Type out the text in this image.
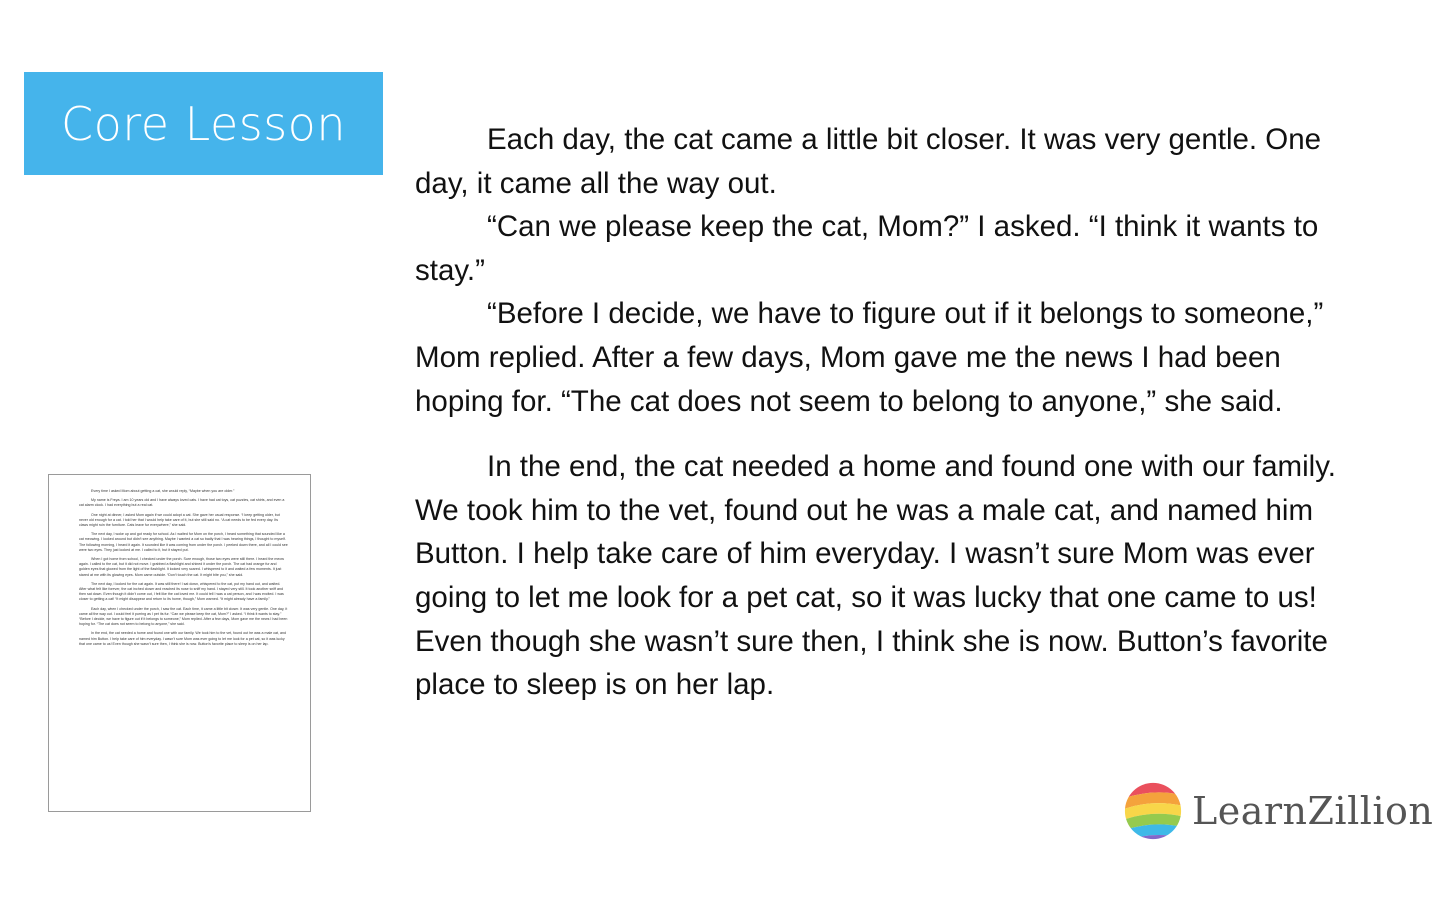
Core Lesson	Each day, the cat came a little bit closer. It was very gentle. One day, it came all the way out.

“Can we please keep the cat, Mom?” I asked. “I think it wants to stay.”

“Before I decide, we have to figure out if it belongs to someone,” Mom replied. After a few days, Mom gave me the news I had been hoping for. “The cat does not seem to belong to anyone,” she said.

In the end, the cat needed a home and found one with our family. We took him to the vet, found out he was a male cat, and named him Button. I help take care of him everyday. I wasn’t sure Mom was ever going to let me look for a pet cat, so it was lucky that one came to us! Even though she wasn’t sure then, I think she is now. Button’s favorite place to sleep is on her lap.

Every time I asked Mom about getting a cat, she would reply, “Maybe when you are older.”

My name is Freya. I am 10 years old and I have always loved cats. I have had cat toys, cat puzzles, cat shirts, and even a cat alarm clock. I had everything but a real cat.

One night at dinner, I asked Mom again if we could adopt a cat. She gave her usual response. “I keep getting older, but never old enough for a cat. I told her that I would help take care of it, but she still said no. “A cat needs to be fed every day. Its claws might ruin the furniture. Cats leave fur everywhere,” she said.

The next day, I woke up and got ready for school. As I waited for Mom on the porch, I heard something that sounded like a cat meowing. I looked around but didn’t see anything. Maybe I wanted a cat so badly that I was hearing things, I thought to myself. The following morning, I heard it again. It sounded like it was coming from under the porch. I peeked down there, and all I could see were two eyes. They just looked at me. I called to it, but it stayed put.

When I got home from school, I checked under the porch. Sure enough, those two eyes were still there. I heard the meow again. I called to the cat, but it did not move. I grabbed a flashlight and shined it under the porch. The cat had orange fur and golden eyes that glowed from the light of the flashlight. It looked very scared. I whispered to it and waited a few moments. It just stared at me with its glowing eyes. Mom came outside. “Don’t touch the cat. It might bite you,” she said.

The next day, I looked for the cat again. It was still there! I sat down, whispered to the cat, put my hand out, and waited. After what felt like forever, the cat inched closer and reached its nose to sniff my hand. I stayed very still. It took another sniff and then sat down. Even though it didn’t come out, I felt like the cat loved me. It could tell I was a cat person, and I was excited. I was closer to getting a cat! “It might disappear and return to its home, though,” Mom warned. “It might already have a family.”

Each day, when I checked under the porch, I saw the cat. Each time, it came a little bit closer. It was very gentle. One day, it came all the way out. I could feel it purring as I pet its fur. “Can we please keep the cat, Mom?” I asked. “I think it wants to stay.” “Before I decide, we have to figure out if it belongs to someone,” Mom replied. After a few days, Mom gave me the news I had been hoping for. “The cat does not seem to belong to anyone,” she said.

In the end, the cat needed a home and found one with our family. We took him to the vet, found out he was a male cat, and named him Button. I help take care of him everyday. I wasn’t sure Mom was ever going to let me look for a pet cat, so it was lucky that one came to us! Even though she wasn’t sure then, I think she is now. Button’s favorite place to sleep is on her lap.

LearnZillion
